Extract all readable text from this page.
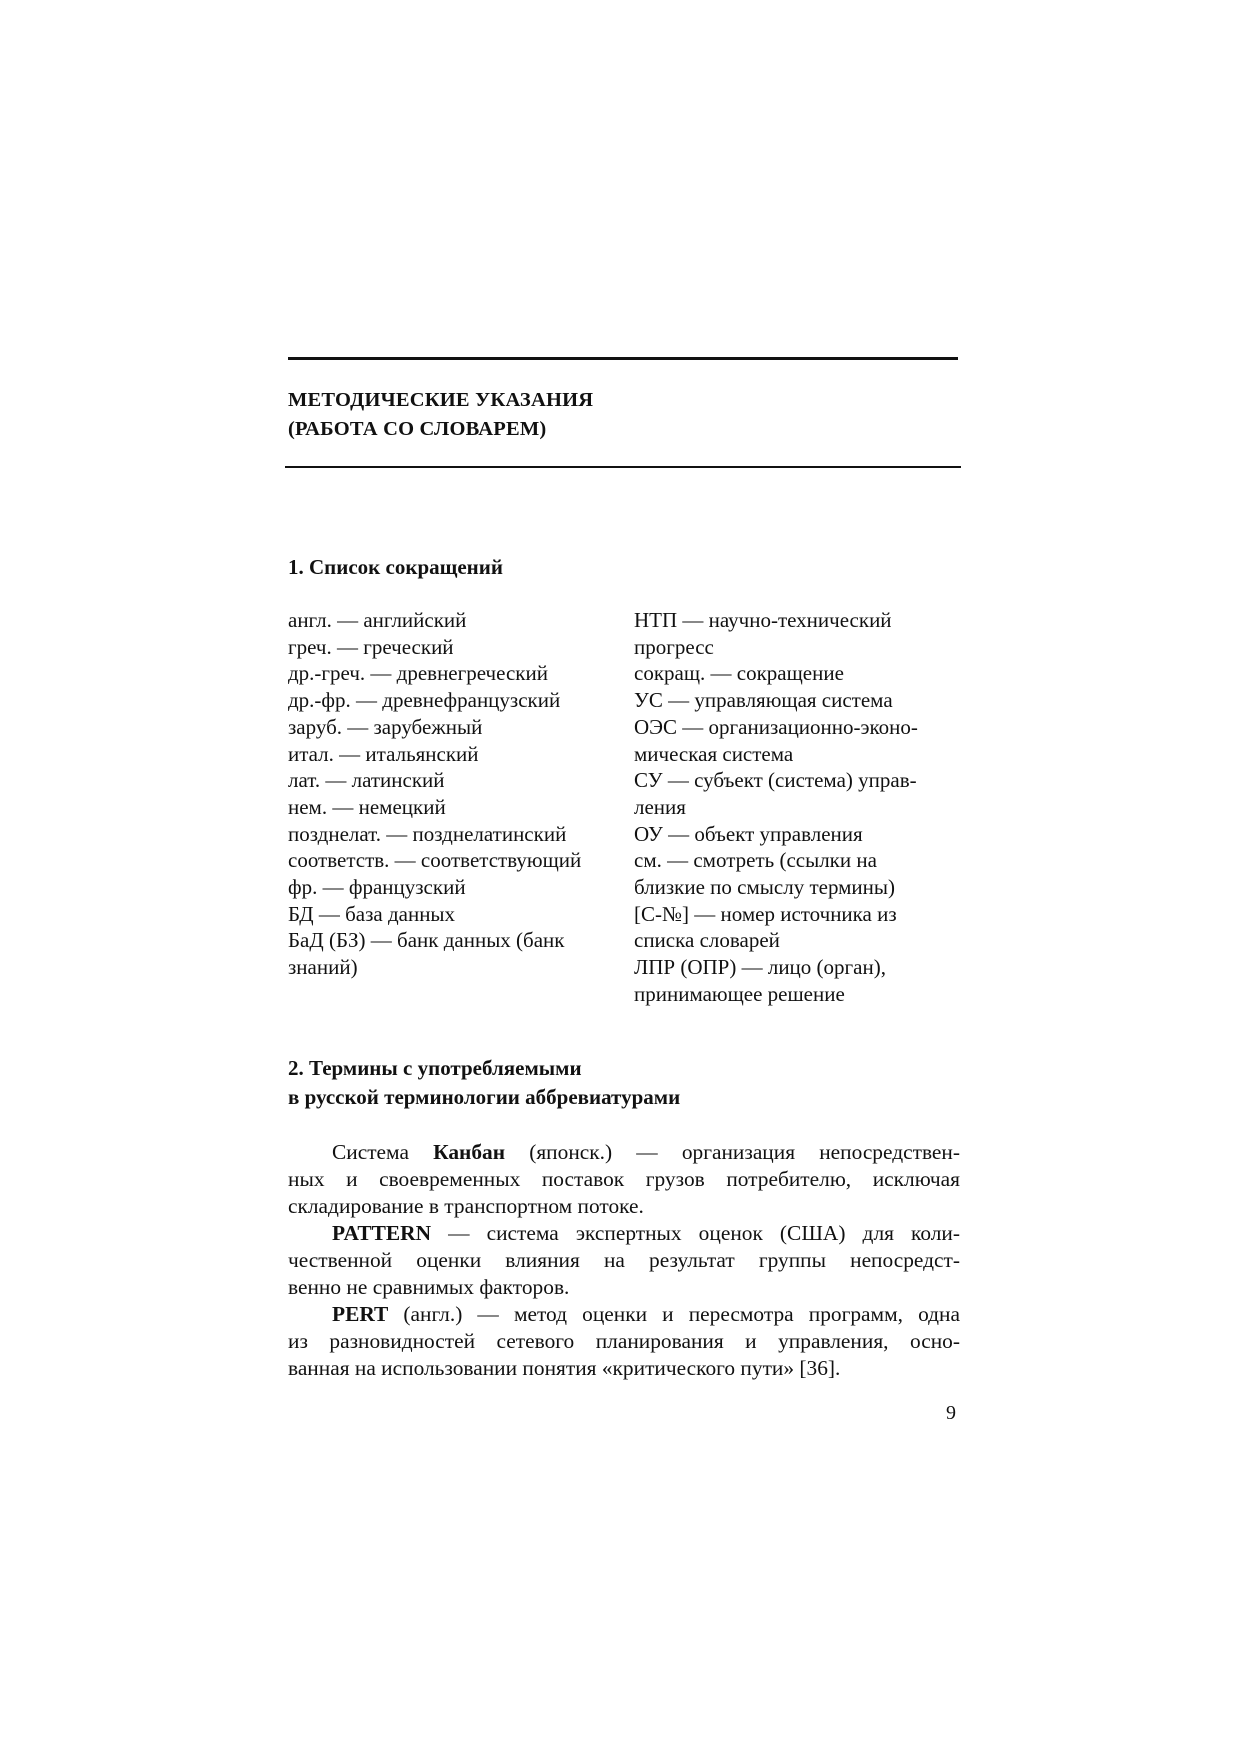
МЕТОДИЧЕСКИЕ УКАЗАНИЯ
(РАБОТА СО СЛОВАРЕМ)
1. Список сокращений
англ. — английский
греч. — греческий
др.-греч. — древнегреческий
др.-фр. — древнефранцузский
заруб. — зарубежный
итал. — итальянский
лат. — латинский
нем. — немецкий
позднелат. — позднелатинский
соответств. — соответствующий
фр. — французский
БД — база данных
БаД (БЗ) — банк данных (банк
знаний)
НТП — научно-технический
прогресс
сокращ. — сокращение
УС — управляющая система
ОЭС — организационно-эконо-
мическая система
СУ — субъект (система) управ-
ления
ОУ — объект управления
см. — смотреть (ссылки на
близкие по смыслу термины)
[С-№] — номер источника из
списка словарей
ЛПР (ОПР) — лицо (орган),
принимающее решение
2. Термины с употребляемыми
в русской терминологии аббревиатурами
Система Канбан (японск.) — организация непосредствен-
ных и своевременных поставок грузов потребителю, исключая
складирование в транспортном потоке.
PATTERN — система экспертных оценок (США) для коли-
чественной оценки влияния на результат группы непосредст-
венно не сравнимых факторов.
PERT (англ.) — метод оценки и пересмотра программ, одна
из разновидностей сетевого планирования и управления, осно-
ванная на использовании понятия «критического пути» [36].
9
